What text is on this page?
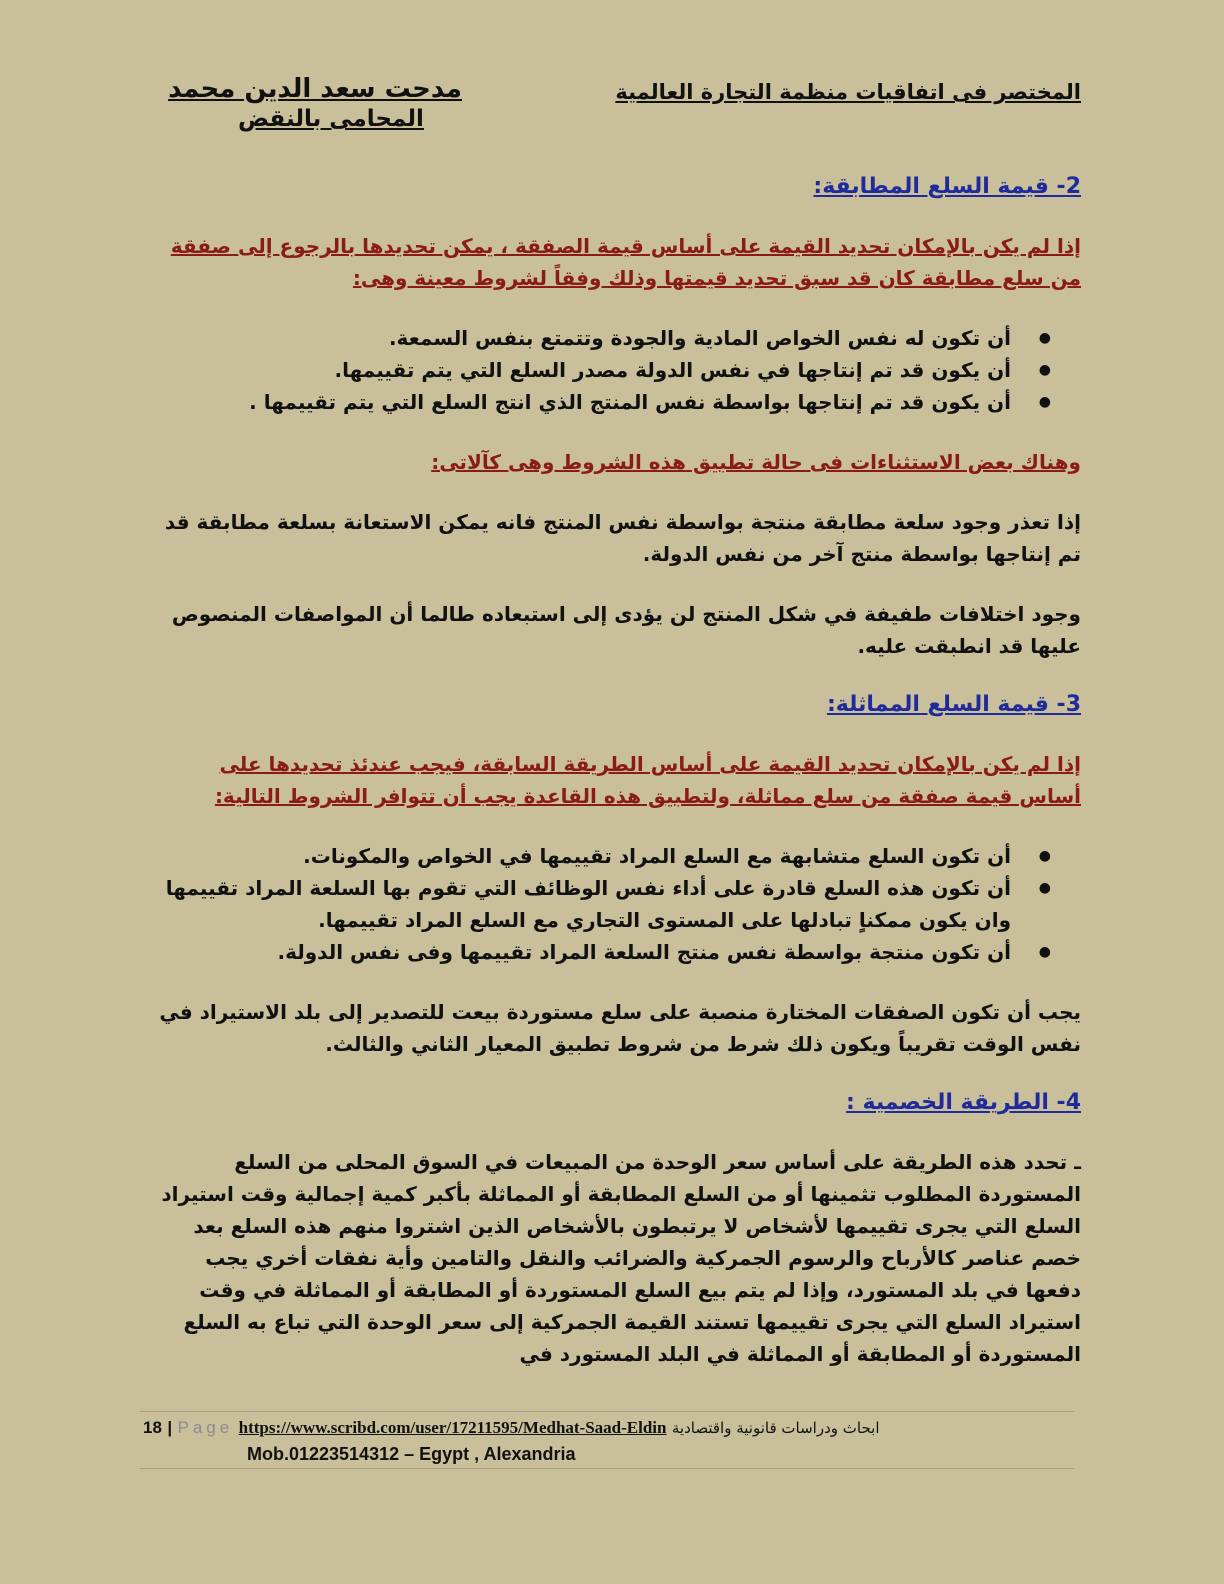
المختصر فى اتفاقيات منظمة التجارة العالمية
مدحت سعد الدين محمد
المحامى بالنقض

2- قيمة السلع المطابقة:

إذا لم يكن بالإمكان تحديد القيمة على أساس قيمة الصفقة ، يمكن تحديدها بالرجوع إلى صفقة من سلع مطابقة كان قد سبق تحديد قيمتها وذلك وفقاً لشروط معينة وهى:

● أن تكون له نفس الخواص المادية والجودة وتتمتع بنفس السمعة.
● أن يكون قد تم إنتاجها في نفس الدولة مصدر السلع التي يتم تقييمها.
● أن يكون قد تم إنتاجها بواسطة نفس المنتج الذي انتج السلع التي يتم تقييمها .

وهناك بعض الاستثناءات فى حالة تطبيق هذه الشروط وهى كآلاتى:

إذا تعذر وجود سلعة مطابقة منتجة بواسطة نفس المنتج فانه يمكن الاستعانة بسلعة مطابقة قد تم إنتاجها بواسطة منتج آخر من نفس الدولة.

وجود اختلافات طفيفة في شكل المنتج لن يؤدى إلى استبعاده طالما أن المواصفات المنصوص عليها قد انطبقت عليه.

3- قيمة السلع المماثلة:

إذا لم يكن بالإمكان تحديد القيمة على أساس الطريقة السابقة، فيجب عندئذ تحديدها على أساس قيمة صفقة من سلع مماثلة، ولتطبيق هذه القاعدة يجب أن تتوافر الشروط التالية:

● أن تكون السلع متشابهة مع السلع المراد تقييمها في الخواص والمكونات.
● أن تكون هذه السلع قادرة على أداء نفس الوظائف التي تقوم بها السلعة المراد تقييمها وان يكون ممكناٍ تبادلها على المستوى التجاري مع السلع المراد تقييمها.
● أن تكون منتجة بواسطة نفس منتج السلعة المراد تقييمها وفى نفس الدولة.

يجب أن تكون الصفقات المختارة منصبة على سلع مستوردة بيعت للتصدير إلى بلد الاستيراد في نفس الوقت تقريباً ويكون ذلك شرط من شروط تطبيق المعيار الثاني والثالث.

4- الطريقة الخصمية :

ـ تحدد هذه الطريقة على أساس سعر الوحدة من المبيعات في السوق المحلى من السلع المستوردة المطلوب تثمينها أو من السلع المطابقة أو المماثلة بأكبر كمية إجمالية وقت استيراد السلع التي يجرى تقييمها لأشخاص لا يرتبطون بالأشخاص الذين اشتروا منهم هذه السلع بعد خصم عناصر كالأرباح والرسوم الجمركية والضرائب والنقل والتامين وأية نفقات أخري يجب دفعها في بلد المستورد، وإذا لم يتم بيع السلع المستوردة أو المطابقة أو المماثلة في وقت استيراد السلع التي يجرى تقييمها تستند القيمة الجمركية إلى سعر الوحدة التي تباع به السلع المستوردة أو المطابقة أو المماثلة في البلد المستورد في

18 | Page https://www.scribd.com/user/17211595/Medhat-Saad-Eldin ابحاث ودراسات قانونية واقتصادية
Mob.01223514312 – Egypt , Alexandria
